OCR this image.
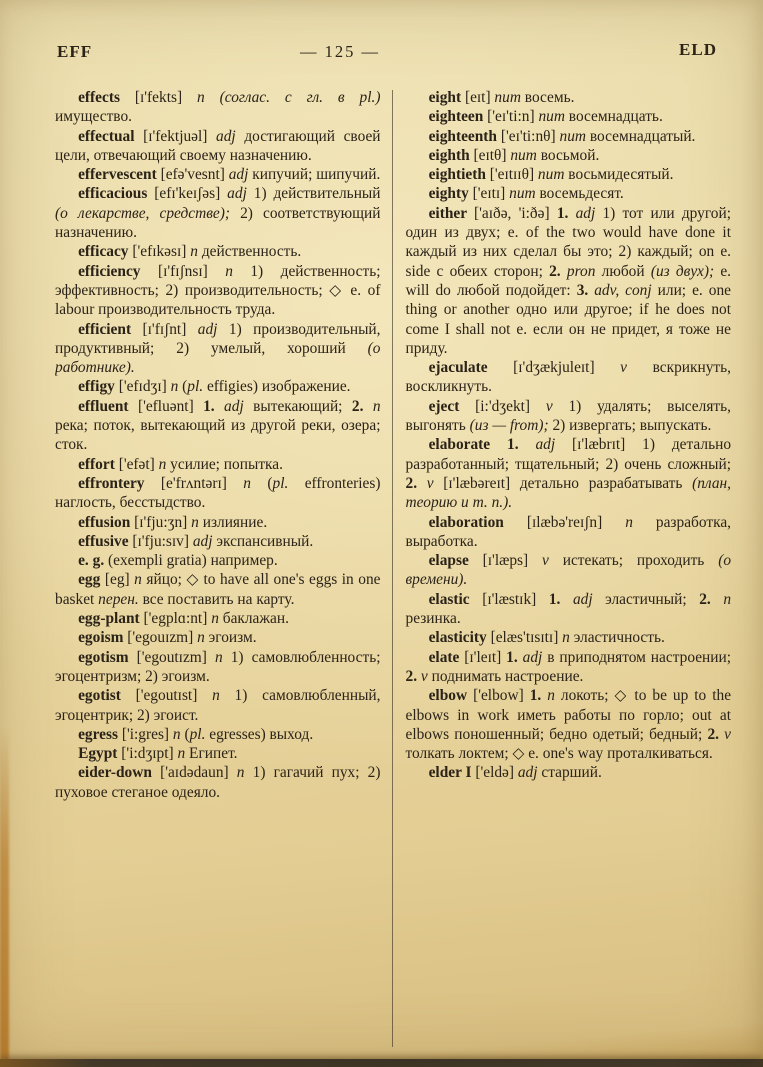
EFF	— 125 —	ELD

effects [ɪ'fekts] n (соглас. с гл. в pl.) имущество.

effectual [ɪ'fektjuəl] adj достигающий своей цели, отвечающий своему назначению.

effervescent [efə'vesnt] adj кипучий; шипучий.

efficacious [efɪ'keɪʃəs] adj 1) действительный (о лекарстве, средстве); 2) соответствующий назначению.

efficacy ['efɪkəsɪ] n действенность.

efficiency [ɪ'fɪʃnsɪ] n 1) действенность; эффективность; 2) производительность; ◇ e. of labour производительность труда.

efficient [ɪ'fɪʃnt] adj 1) производительный, продуктивный; 2) умелый, хороший (о работнике).

effigy ['efɪdʒɪ] n (pl. effigies) изображение.

effluent ['efluənt] 1. adj вытекающий; 2. n река; поток, вытекающий из другой реки, озера; сток.

effort ['efət] n усилие; попытка.

effrontery [e'frʌntərɪ] n (pl. effronteries) наглость, бесстыдство.

effusion [ɪ'fju:ʒn] n излияние.

effusive [ɪ'fju:sɪv] adj экспансивный.

e. g. (exempli gratia) например.

egg [eg] n яйцо; ◇ to have all one's eggs in one basket перен. все поставить на карту.

egg-plant ['egplɑ:nt] n баклажан.

egoism ['egouɪzm] n эгоизм.

egotism ['egoutɪzm] n 1) самовлюбленность; эгоцентризм; 2) эгоизм.

egotist ['egoutɪst] n 1) самовлюбленный, эгоцентрик; 2) эгоист.

egress ['i:gres] n (pl. egresses) выход.

Egypt ['i:dʒɪpt] n Египет.

eider-down ['aɪdədaun] n 1) гагачий пух; 2) пуховое стеганое одеяло.

eight [eɪt] num восемь.

eighteen ['eɪ'ti:n] num восемнадцать.

eighteenth ['eɪ'ti:nθ] num восемнадцатый.

eighth [eɪtθ] num восьмой.

eightieth ['eɪtɪɪθ] num восьмидесятый.

eighty ['eɪtɪ] num восемьдесят.

either ['aɪðə, 'i:ðə] 1. adj 1) тот или другой; один из двух; e. of the two would have done it каждый из них сделал бы это; 2) каждый; on e. side с обеих сторон; 2. pron любой (из двух); e. will do любой подойдет: 3. adv, conj или; e. one thing or another одно или другое; if he does not come I shall not e. если он не придет, я тоже не приду.

ejaculate [ɪ'dʒækjuleɪt] v вскрикнуть, воскликнуть.

eject [i:'dʒekt] v 1) удалять; выселять, выгонять (из — from); 2) извергать; выпускать.

elaborate 1. adj [ɪ'læbrɪt] 1) детально разработанный; тщательный; 2) очень сложный; 2. v [ɪ'læbəreɪt] детально разрабатывать (план, теорию и т. п.).

elaboration [ɪlæbə'reɪʃn] n разработка, выработка.

elapse [ɪ'læps] v истекать; проходить (о времени).

elastic [ɪ'læstɪk] 1. adj эластичный; 2. n резинка.

elasticity [elæs'tɪsɪtɪ] n эластичность.

elate [ɪ'leɪt] 1. adj в приподнятом настроении; 2. v поднимать настроение.

elbow ['elbow] 1. n локоть; ◇ to be up to the elbows in work иметь работы по горло; out at elbows поношенный; бедно одетый; бедный; 2. v толкать локтем; ◇ e. one's way проталкиваться.

elder I ['eldə] adj старший.
